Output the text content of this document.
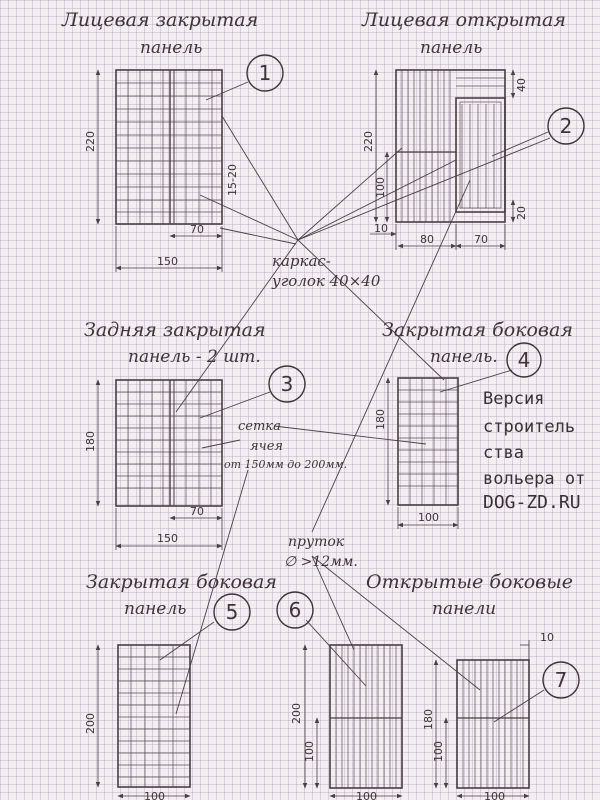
Лицевая закрытая
панель
Лицевая открытая
панель
Задняя закрытая
панель - 2 шт.
Закрытая боковая
панель.
Закрытая боковая
панель
Открытые боковые
панели
220
15-20
70
150
220
100
40
20
10
80	70
180
70
150
180
100
200
100
200
100
100
180
100
10
100
каркас-
уголок 40×40
сетка
ячея
от 150мм до 200мм.
пруток
∅ >12мм.
Версия
строитель
ства
вольера от
DOG-ZD.RU
1
2
3
4
5	6
7
